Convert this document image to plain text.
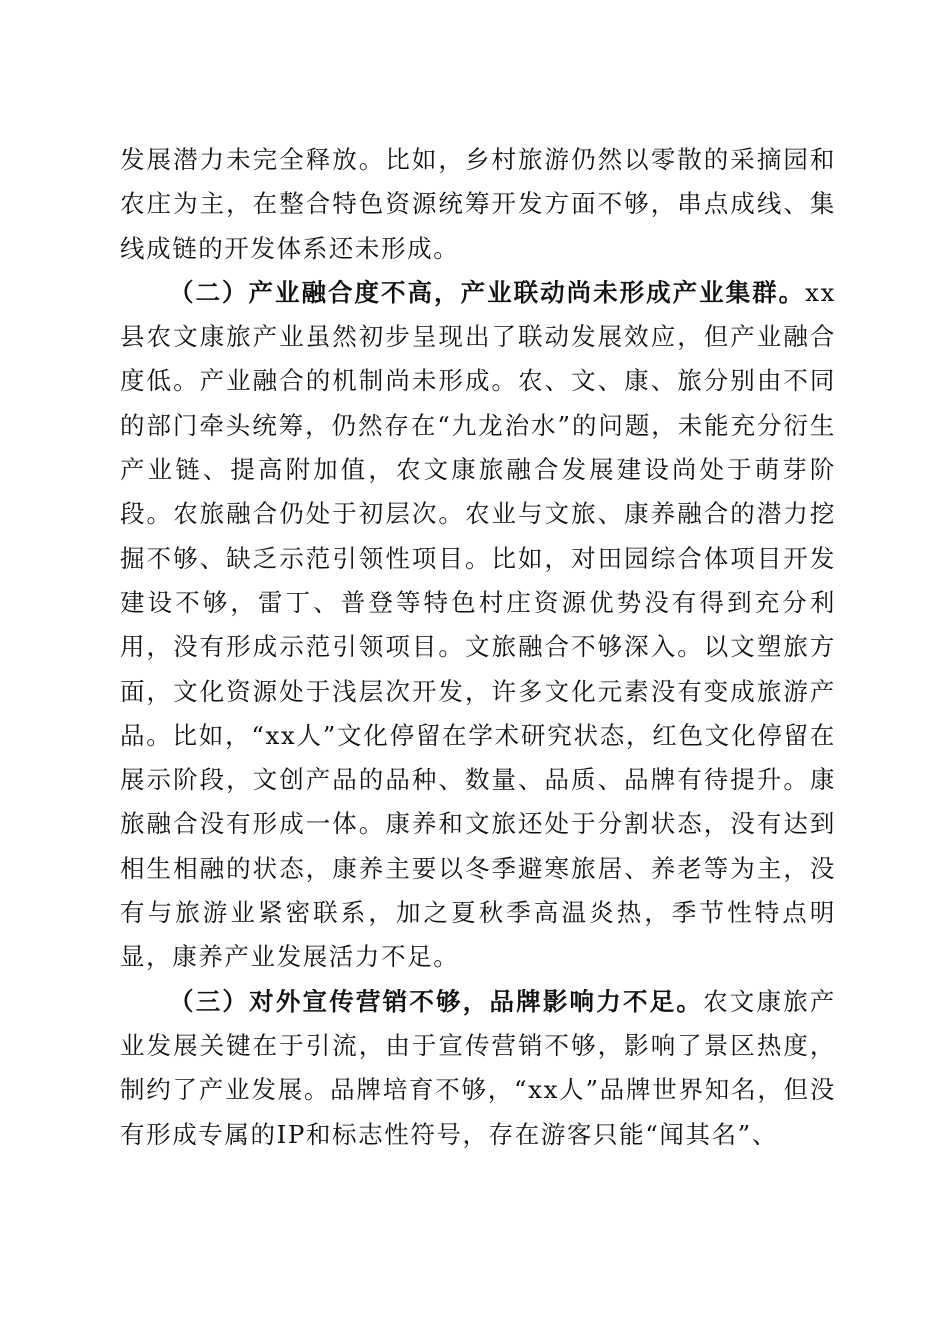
发展潜力未完全释放。比如，乡村旅游仍然以零散的采摘园和农庄为主，在整合特色资源统筹开发方面不够，串点成线、集线成链的开发体系还未形成。

（二）产业融合度不高，产业联动尚未形成产业集群。xx县农文康旅产业虽然初步呈现出了联动发展效应，但产业融合度低。产业融合的机制尚未形成。农、文、康、旅分别由不同的部门牵头统筹，仍然存在“九龙治水”的问题，未能充分衍生产业链、提高附加值，农文康旅融合发展建设尚处于萌芽阶段。农旅融合仍处于初层次。农业与文旅、康养融合的潜力挖掘不够、缺乏示范引领性项目。比如，对田园综合体项目开发建设不够，雷丁、普登等特色村庄资源优势没有得到充分利用，没有形成示范引领项目。文旅融合不够深入。以文塑旅方面，文化资源处于浅层次开发，许多文化元素没有变成旅游产品。比如，“xx人”文化停留在学术研究状态，红色文化停留在展示阶段，文创产品的品种、数量、品质、品牌有待提升。康旅融合没有形成一体。康养和文旅还处于分割状态，没有达到相生相融的状态，康养主要以冬季避寒旅居、养老等为主，没有与旅游业紧密联系，加之夏秋季高温炎热，季节性特点明显，康养产业发展活力不足。

（三）对外宣传营销不够，品牌影响力不足。农文康旅产业发展关键在于引流，由于宣传营销不够，影响了景区热度，制约了产业发展。品牌培育不够，“xx人”品牌世界知名，但没有形成专属的IP和标志性符号，存在游客只能“闻其名”、
